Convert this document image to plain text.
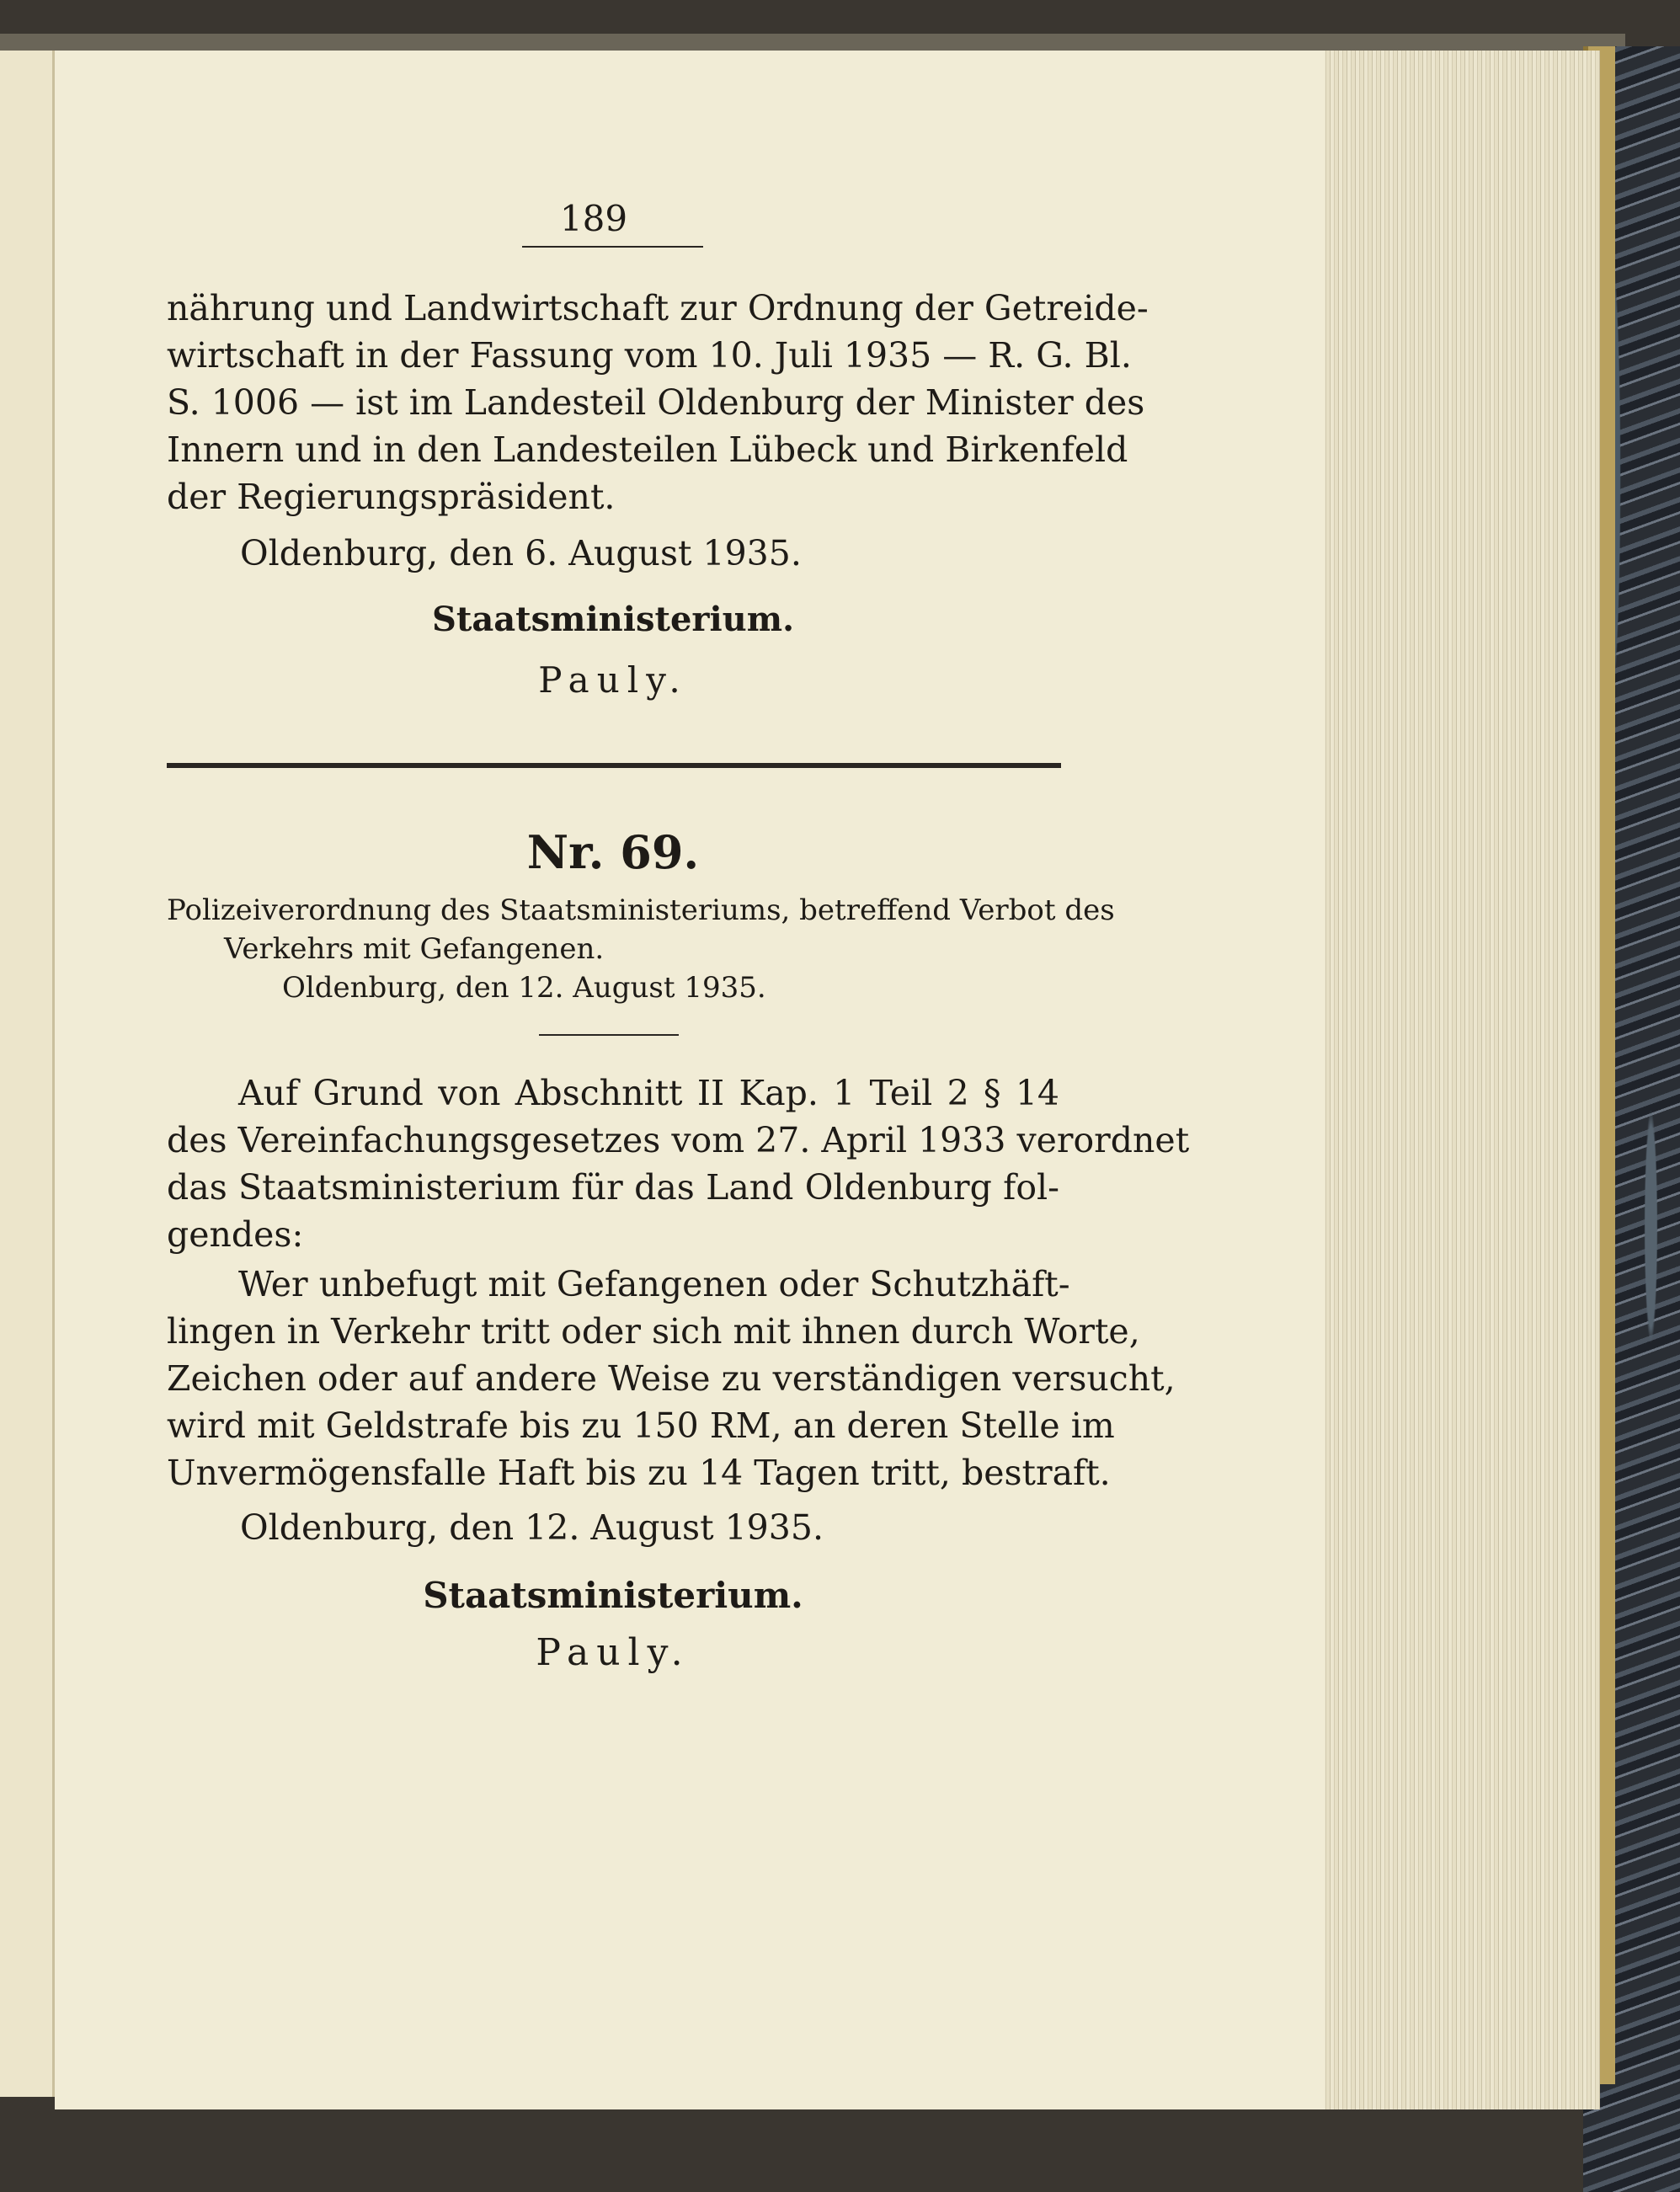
189
nährung und Landwirtschaft zur Ordnung der Getreide-
wirtschaft in der Fassung vom 10. Juli 1935 — R. G. Bl.
S. 1006 — ist im Landesteil Oldenburg der Minister des
Innern und in den Landesteilen Lübeck und Birkenfeld
der Regierungspräsident.
Oldenburg, den 6. August 1935.
Staatsministerium.
Pauly.
Nr. 69.
Polizeiverordnung des Staatsministeriums, betreffend Verbot des
Verkehrs mit Gefangenen.
Oldenburg, den 12. August 1935.
Auf Grund von Abschnitt II Kap. 1 Teil 2 § 14
des Vereinfachungsgesetzes vom 27. April 1933 verordnet
das Staatsministerium für das Land Oldenburg fol-
gendes:
Wer unbefugt mit Gefangenen oder Schutzhäft-
lingen in Verkehr tritt oder sich mit ihnen durch Worte,
Zeichen oder auf andere Weise zu verständigen versucht,
wird mit Geldstrafe bis zu 150 RM, an deren Stelle im
Unvermögensfalle Haft bis zu 14 Tagen tritt, bestraft.
Oldenburg, den 12. August 1935.
Staatsministerium.
Pauly.
